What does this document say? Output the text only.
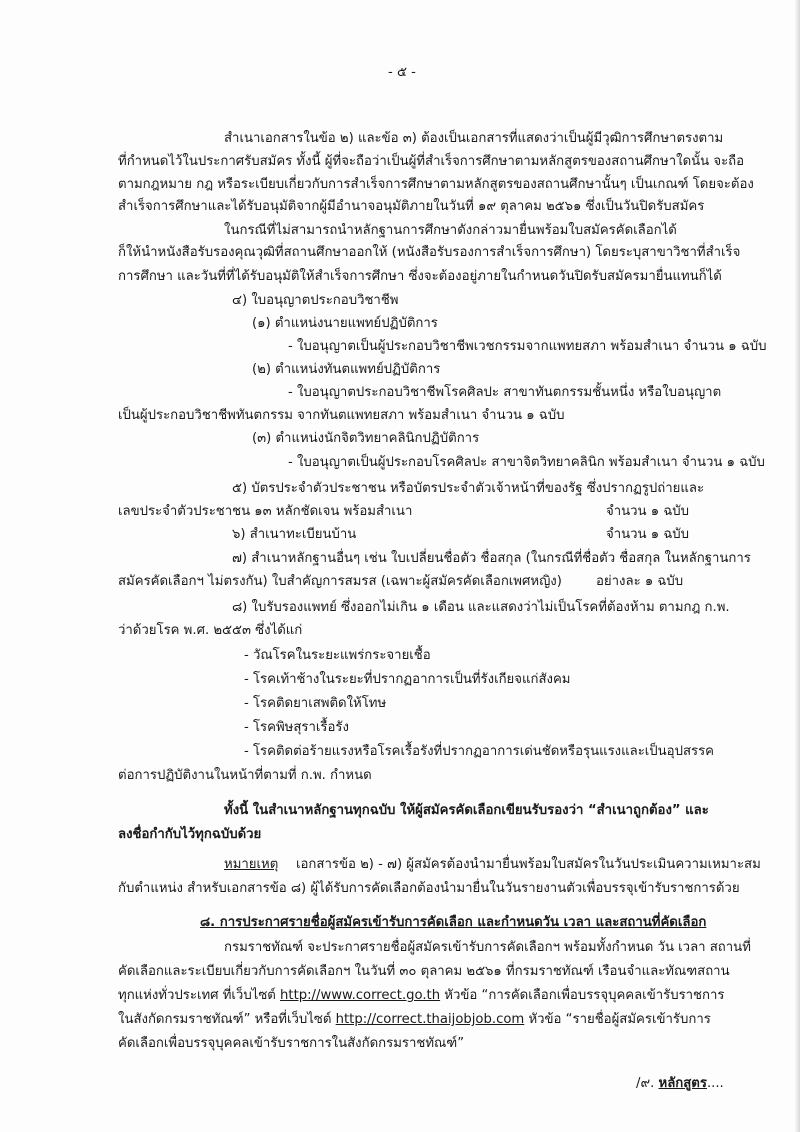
- ๕ -
สำเนาเอกสารในข้อ ๒) และข้อ ๓) ต้องเป็นเอกสารที่แสดงว่าเป็นผู้มีวุฒิการศึกษาตรงตาม
ที่กำหนดไว้ในประกาศรับสมัคร ทั้งนี้ ผู้ที่จะถือว่าเป็นผู้ที่สำเร็จการศึกษาตามหลักสูตรของสถานศึกษาใดนั้น จะถือ
ตามกฎหมาย กฎ หรือระเบียบเกี่ยวกับการสำเร็จการศึกษาตามหลักสูตรของสถานศึกษานั้นๆ เป็นเกณฑ์ โดยจะต้อง
สำเร็จการศึกษาและได้รับอนุมัติจากผู้มีอำนาจอนุมัติภายในวันที่ ๑๙ ตุลาคม ๒๕๖๑ ซึ่งเป็นวันปิดรับสมัคร
ในกรณีที่ไม่สามารถนำหลักฐานการศึกษาดังกล่าวมายื่นพร้อมใบสมัครคัดเลือกได้
ก็ให้นำหนังสือรับรองคุณวุฒิที่สถานศึกษาออกให้ (หนังสือรับรองการสำเร็จการศึกษา) โดยระบุสาขาวิชาที่สำเร็จ
การศึกษา และวันที่ที่ได้รับอนุมัติให้สำเร็จการศึกษา ซึ่งจะต้องอยู่ภายในกำหนดวันปิดรับสมัครมายื่นแทนก็ได้
๔) ใบอนุญาตประกอบวิชาชีพ
(๑) ตำแหน่งนายแพทย์ปฏิบัติการ
- ใบอนุญาตเป็นผู้ประกอบวิชาชีพเวชกรรมจากแพทยสภา พร้อมสำเนา จำนวน ๑ ฉบับ
(๒) ตำแหน่งทันตแพทย์ปฏิบัติการ
- ใบอนุญาตประกอบวิชาชีพโรคศิลปะ สาขาทันตกรรมชั้นหนึ่ง หรือใบอนุญาต
เป็นผู้ประกอบวิชาชีพทันตกรรม จากทันตแพทยสภา พร้อมสำเนา จำนวน ๑ ฉบับ
(๓) ตำแหน่งนักจิตวิทยาคลินิกปฏิบัติการ
- ใบอนุญาตเป็นผู้ประกอบโรคศิลปะ สาขาจิตวิทยาคลินิก พร้อมสำเนา จำนวน ๑ ฉบับ
๕) บัตรประจำตัวประชาชน หรือบัตรประจำตัวเจ้าหน้าที่ของรัฐ ซึ่งปรากฏรูปถ่ายและ
เลขประจำตัวประชาชน ๑๓ หลักชัดเจน พร้อมสำเนา	จำนวน ๑ ฉบับ
๖) สำเนาทะเบียนบ้าน	จำนวน ๑ ฉบับ
๗) สำเนาหลักฐานอื่นๆ เช่น ใบเปลี่ยนชื่อตัว ชื่อสกุล (ในกรณีที่ชื่อตัว ชื่อสกุล ในหลักฐานการ
สมัครคัดเลือกฯ ไม่ตรงกัน) ใบสำคัญการสมรส (เฉพาะผู้สมัครคัดเลือกเพศหญิง)	อย่างละ ๑ ฉบับ
๘) ใบรับรองแพทย์ ซึ่งออกไม่เกิน ๑ เดือน และแสดงว่าไม่เป็นโรคที่ต้องห้าม ตามกฎ ก.พ.
ว่าด้วยโรค พ.ศ. ๒๕๕๓ ซึ่งได้แก่
- วัณโรคในระยะแพร่กระจายเชื้อ
- โรคเท้าช้างในระยะที่ปรากฏอาการเป็นที่รังเกียจแก่สังคม
- โรคติดยาเสพติดให้โทษ
- โรคพิษสุราเรื้อรัง
- โรคติดต่อร้ายแรงหรือโรคเรื้อรังที่ปรากฏอาการเด่นชัดหรือรุนแรงและเป็นอุปสรรค
ต่อการปฏิบัติงานในหน้าที่ตามที่ ก.พ. กำหนด
ทั้งนี้ ในสำเนาหลักฐานทุกฉบับ ให้ผู้สมัครคัดเลือกเขียนรับรองว่า “สำเนาถูกต้อง” และ
ลงชื่อกำกับไว้ทุกฉบับด้วย
หมายเหตุ เอกสารข้อ ๒) - ๗) ผู้สมัครต้องนำมายื่นพร้อมใบสมัครในวันประเมินความเหมาะสม
กับตำแหน่ง สำหรับเอกสารข้อ ๘) ผู้ได้รับการคัดเลือกต้องนำมายื่นในวันรายงานตัวเพื่อบรรจุเข้ารับราชการด้วย
๘. การประกาศรายชื่อผู้สมัครเข้ารับการคัดเลือก และกำหนดวัน เวลา และสถานที่คัดเลือก
กรมราชทัณฑ์ จะประกาศรายชื่อผู้สมัครเข้ารับการคัดเลือกฯ พร้อมทั้งกำหนด วัน เวลา สถานที่
คัดเลือกและระเบียบเกี่ยวกับการคัดเลือกฯ ในวันที่ ๓๐ ตุลาคม ๒๕๖๑ ที่กรมราชทัณฑ์ เรือนจำและทัณฑสถาน
ทุกแห่งทั่วประเทศ ที่เว็บไซต์ http://www.correct.go.th หัวข้อ “การคัดเลือกเพื่อบรรจุบุคคลเข้ารับราชการ
ในสังกัดกรมราชทัณฑ์” หรือที่เว็บไซต์ http://correct.thaijobjob.com หัวข้อ “รายชื่อผู้สมัครเข้ารับการ
คัดเลือกเพื่อบรรจุบุคคลเข้ารับราชการในสังกัดกรมราชทัณฑ์”
/๙. หลักสูตร....
